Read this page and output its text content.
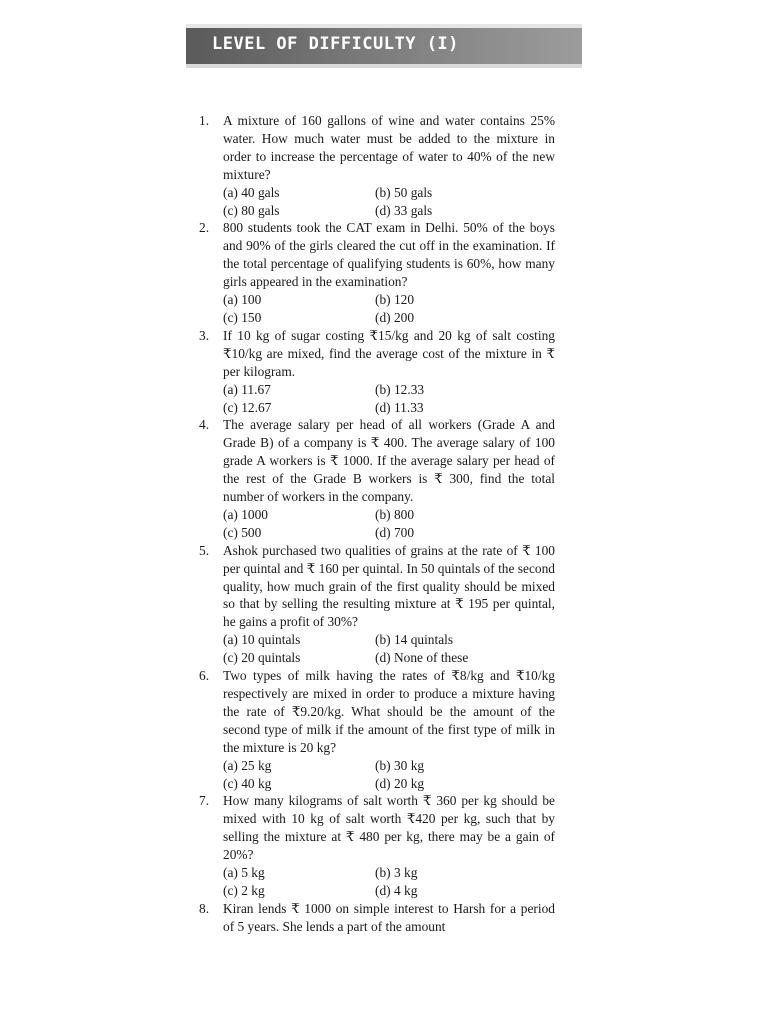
LEVEL OF DIFFICULTY (I)
1. A mixture of 160 gallons of wine and water contains 25% water. How much water must be added to the mixture in order to increase the percentage of water to 40% of the new mixture?
(a) 40 gals	(b) 50 gals
(c) 80 gals	(d) 33 gals
2. 800 students took the CAT exam in Delhi. 50% of the boys and 90% of the girls cleared the cut off in the examination. If the total percentage of qualifying students is 60%, how many girls appeared in the examination?
(a) 100	(b) 120
(c) 150	(d) 200
3. If 10 kg of sugar costing ₹15/kg and 20 kg of salt costing ₹10/kg are mixed, find the average cost of the mixture in ₹ per kilogram.
(a) 11.67	(b) 12.33
(c) 12.67	(d) 11.33
4. The average salary per head of all workers (Grade A and Grade B) of a company is ₹ 400. The average salary of 100 grade A workers is ₹ 1000. If the average salary per head of the rest of the Grade B workers is ₹ 300, find the total number of workers in the company.
(a) 1000	(b) 800
(c) 500	(d) 700
5. Ashok purchased two qualities of grains at the rate of ₹ 100 per quintal and ₹ 160 per quintal. In 50 quintals of the second quality, how much grain of the first quality should be mixed so that by selling the resulting mixture at ₹ 195 per quintal, he gains a profit of 30%?
(a) 10 quintals	(b) 14 quintals
(c) 20 quintals	(d) None of these
6. Two types of milk having the rates of ₹8/kg and ₹10/kg respectively are mixed in order to produce a mixture having the rate of ₹9.20/kg. What should be the amount of the second type of milk if the amount of the first type of milk in the mixture is 20 kg?
(a) 25 kg	(b) 30 kg
(c) 40 kg	(d) 20 kg
7. How many kilograms of salt worth ₹ 360 per kg should be mixed with 10 kg of salt worth ₹420 per kg, such that by selling the mixture at ₹ 480 per kg, there may be a gain of 20%?
(a) 5 kg	(b) 3 kg
(c) 2 kg	(d) 4 kg
8. Kiran lends ₹ 1000 on simple interest to Harsh for a period of 5 years. She lends a part of the amount
